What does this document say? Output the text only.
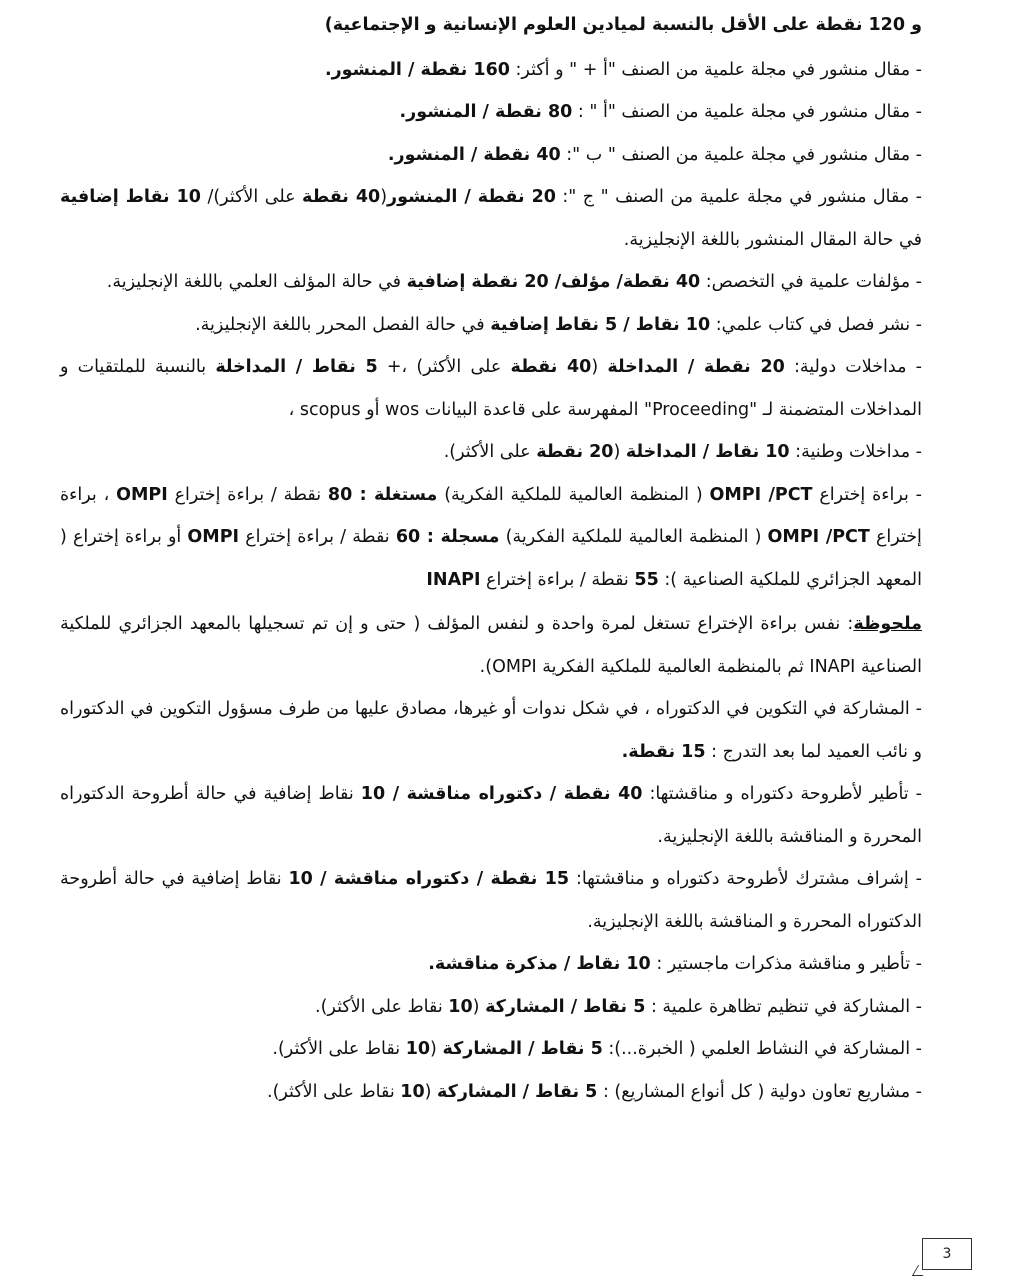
و 120 نقطة على الأقل بالنسبة لميادين العلوم الإنسانية و الإجتماعية)

- مقال منشور في مجلة علمية من الصنف "أ + " و أكثر: 160 نقطة / المنشور.

- مقال منشور في مجلة علمية من الصنف "أ " : 80 نقطة / المنشور.

- مقال منشور في مجلة علمية من الصنف " ب ": 40 نقطة / المنشور.

- مقال منشور في مجلة علمية من الصنف " ج ": 20 نقطة / المنشور(40 نقطة على الأكثر)/ 10 نقاط إضافية في حالة المقال المنشور باللغة الإنجليزية.

- مؤلفات علمية في التخصص: 40 نقطة/ مؤلف/ 20 نقطة إضافية في حالة المؤلف العلمي باللغة الإنجليزية.

- نشر فصل في كتاب علمي: 10 نقاط / 5 نقاط إضافية في حالة الفصل المحرر باللغة الإنجليزية.

- مداخلات دولية: 20 نقطة / المداخلة (40 نقطة على الأكثر) ،+ 5 نقاط / المداخلة بالنسبة للملتقيات و المداخلات المتضمنة لـ "Proceeding" المفهرسة على قاعدة البيانات wos أو scopus ،

- مداخلات وطنية: 10 نقاط / المداخلة (20 نقطة على الأكثر).

- براءة إختراع OMPI /PCT ( المنظمة العالمية للملكية الفكرية) مستغلة : 80 نقطة / براءة إختراع OMPI ، براءة إختراع OMPI /PCT ( المنظمة العالمية للملكية الفكرية) مسجلة : 60 نقطة / براءة إختراع OMPI أو براءة إختراع ( المعهد الجزائري للملكية الصناعية ): 55 نقطة / براءة إختراع INAPI

ملحوظة: نفس براءة الإختراع تستغل لمرة واحدة و لنفس المؤلف ( حتى و إن تم تسجيلها بالمعهد الجزائري للملكية الصناعية INAPI ثم بالمنظمة العالمية للملكية الفكرية OMPI).

- المشاركة في التكوين في الدكتوراه ، في شكل ندوات أو غيرها، مصادق عليها من طرف مسؤول التكوين في الدكتوراه و نائب العميد لما بعد التدرج : 15 نقطة.

- تأطير لأطروحة دكتوراه و مناقشتها: 40 نقطة / دكتوراه مناقشة / 10 نقاط إضافية في حالة أطروحة الدكتوراه المحررة و المناقشة باللغة الإنجليزية.

- إشراف مشترك لأطروحة دكتوراه و مناقشتها: 15 نقطة / دكتوراه مناقشة / 10 نقاط إضافية في حالة أطروحة الدكتوراه المحررة و المناقشة باللغة الإنجليزية.

- تأطير و مناقشة مذكرات ماجستير : 10 نقاط / مذكرة مناقشة.

- المشاركة في تنظيم تظاهرة علمية : 5 نقاط / المشاركة (10 نقاط على الأكثر).

- المشاركة في النشاط العلمي ( الخبرة...): 5 نقاط / المشاركة (10 نقاط على الأكثر).

- مشاريع تعاون دولية ( كل أنواع المشاريع) : 5 نقاط / المشاركة (10 نقاط على الأكثر).

3
